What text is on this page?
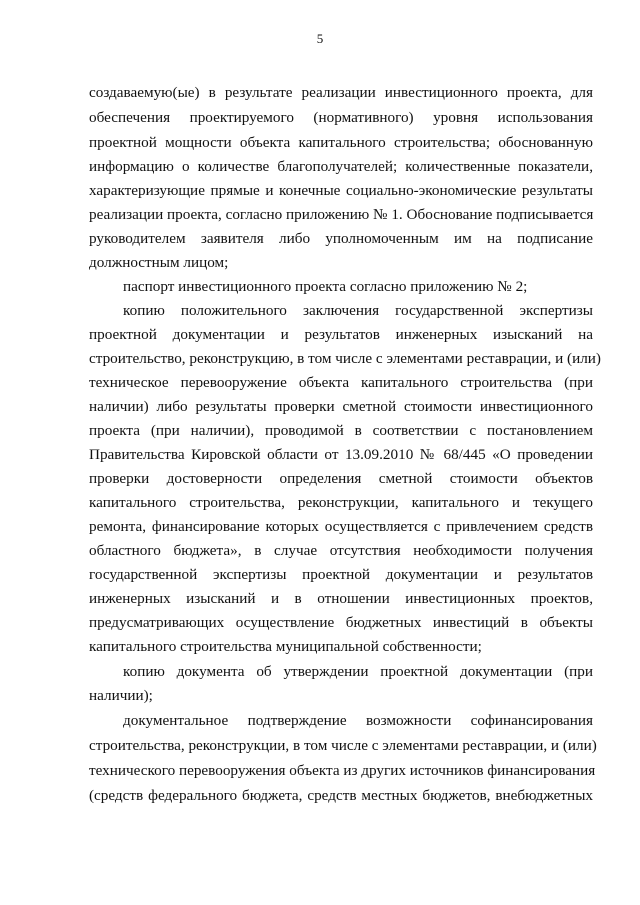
5
создаваемую(ые) в результате реализации инвестиционного проекта, для
обеспечения проектируемого (нормативного) уровня использования
проектной мощности объекта капитального строительства; обоснованную
информацию о количестве благополучателей; количественные показатели,
характеризующие прямые и конечные социально-экономические результаты
реализации проекта, согласно приложению № 1. Обоснование подписывается
руководителем заявителя либо уполномоченным им на подписание
должностным лицом;
паспорт инвестиционного проекта согласно приложению № 2;
копию положительного заключения государственной экспертизы
проектной документации и результатов инженерных изысканий на
строительство, реконструкцию, в том числе с элементами реставрации, и (или)
техническое перевооружение объекта капитального строительства (при
наличии) либо результаты проверки сметной стоимости инвестиционного
проекта (при наличии), проводимой в соответствии с постановлением
Правительства Кировской области от 13.09.2010 № 68/445 «О проведении
проверки достоверности определения сметной стоимости объектов
капитального строительства, реконструкции, капитального и текущего
ремонта, финансирование которых осуществляется с привлечением средств
областного бюджета», в случае отсутствия необходимости получения
государственной экспертизы проектной документации и результатов
инженерных изысканий и в отношении инвестиционных проектов,
предусматривающих осуществление бюджетных инвестиций в объекты
капитального строительства муниципальной собственности;
копию документа об утверждении проектной документации (при
наличии);
документальное подтверждение возможности софинансирования
строительства, реконструкции, в том числе с элементами реставрации, и (или)
технического перевооружения объекта из других источников финансирования
(средств федерального бюджета, средств местных бюджетов, внебюджетных
